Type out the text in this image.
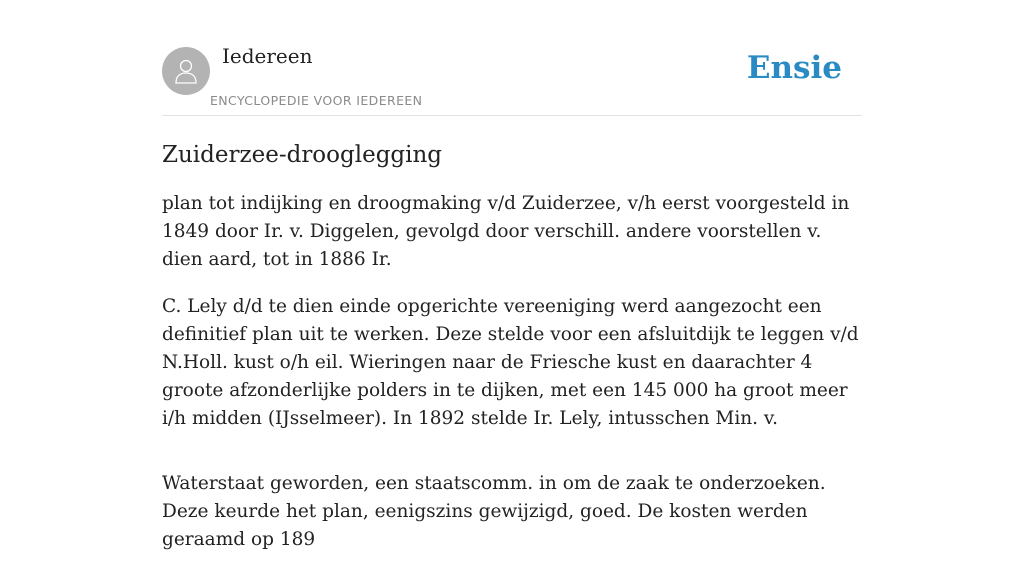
Iedereen
ENCYCLOPEDIE VOOR IEDEREEN
Ensie
Zuiderzee-drooglegging

plan tot indijking en droogmaking v/d Zuiderzee, v/h eerst voorgesteld in 1849 door Ir. v. Diggelen, gevolgd door verschill. andere voorstellen v. dien aard, tot in 1886 Ir.

C. Lely d/d te dien einde opgerichte vereeniging werd aangezocht een definitief plan uit te werken. Deze stelde voor een afsluitdijk te leggen v/d N.Holl. kust o/h eil. Wieringen naar de Friesche kust en daarachter 4 groote afzonderlijke polders in te dijken, met een 145 000 ha groot meer i/h midden (IJsselmeer). In 1892 stelde Ir. Lely, intusschen Min. v.

Waterstaat geworden, een staatscomm. in om de zaak te onderzoeken. Deze keurde het plan, eenigszins gewijzigd, goed. De kosten werden geraamd op 189
